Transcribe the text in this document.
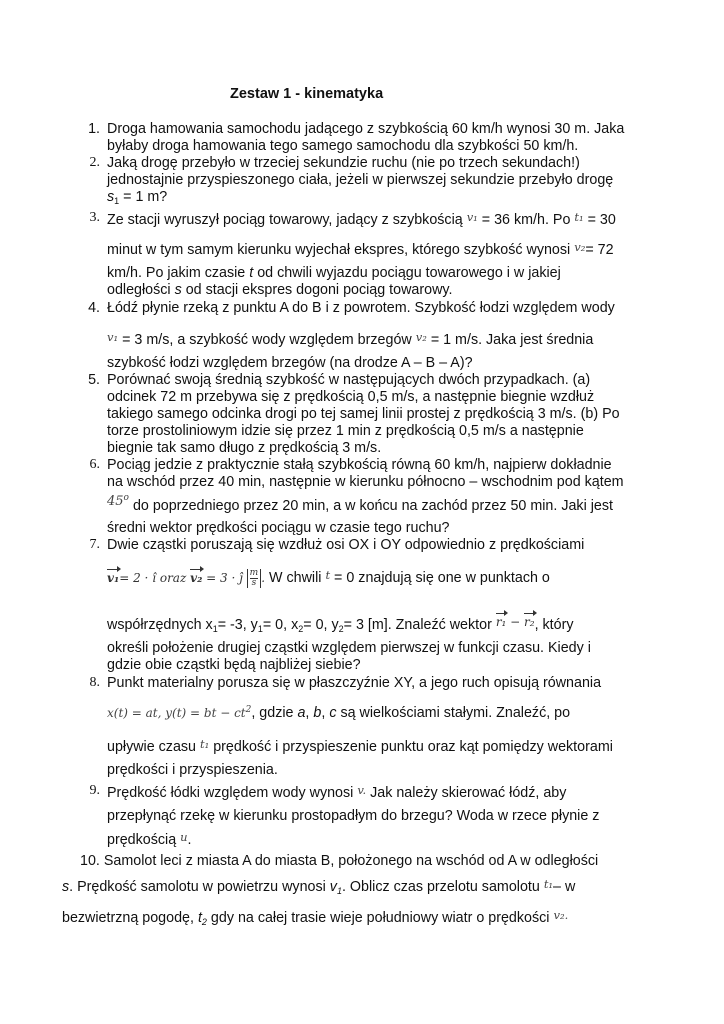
Zestaw 1 - kinematyka
1. Droga hamowania samochodu jadącego z szybkością 60 km/h wynosi 30 m. Jaka
byłaby droga hamowania tego samego samochodu dla szybkości 50 km/h.
2. Jaką drogę przebyło w trzeciej sekundzie ruchu (nie po trzech sekundach!)
jednostajnie przyspieszonego ciała, jeżeli w pierwszej sekundzie przebyło drogę
$s_1 = 1$ m?
3. Ze stacji wyruszył pociąg towarowy, jadący z szybkością $^{v_1}$ = 36 km/h. Po $^{t_1}$ = 30
minut w tym samym kierunku wyjechał ekspres, którego szybkość wynosi $^{v_2}$= 72
km/h. Po jakim czasie t od chwili wyjazdu pociągu towarowego i w jakiej
odległości s od stacji ekspres dogoni pociąg towarowy.
4. Łódź płynie rzeką z punktu A do B i z powrotem. Szybkość łodzi względem wody
$^{v_1}$ = 3 m/s, a szybkość wody względem brzegów $^{v_2}$ = 1 m/s. Jaka jest średnia
szybkość łodzi względem brzegów (na drodze A – B – A)?
5. Porównać swoją średnią szybkość w następujących dwóch przypadkach. (a)
odcinek 72 m przebywa się z prędkością 0,5 m/s, a następnie biegnie wzdłuż
takiego samego odcinka drogi po tej samej linii prostej z prędkością 3 m/s. (b) Po
torze prostoliniowym idzie się przez 1 min z prędkością 0,5 m/s a następnie
biegnie tak samo długo z prędkością 3 m/s.
6. Pociąg jedzie z praktycznie stałą szybkością równą 60 km/h, najpierw dokładnie
na wschód przez 40 min, następnie w kierunku północno – wschodnim pod kątem
45$^o$ do poprzedniego przez 20 min, a w końcu na zachód przez 50 min. Jaki jest
średni wektor prędkości pociągu w czasie tego ruchu?
7. Dwie cząstki poruszają się wzdłuż osi OX i OY odpowiednio z prędkościami
v₁= 2 · ı̂ oraz v₂ = 3 · ĵ $\frac{m}{s}$ . W chwili $^t$ = 0 znajdują się one w punktach o
współrzędnych $x_1= -3$, $y_1= 0$, $x_2= 0$, $y_2= 3$ [m]. Znaleźć wektor $^{r_1 - r_2}$, który
określi położenie drugiej cząstki względem pierwszej w funkcji czasu. Kiedy i
gdzie obie cząstki będą najbliżej siebie?
8. Punkt materialny porusza się w płaszczyźnie XY, a jego ruch opisują równania
x(t) = at, y(t) = bt − $ct^2$, gdzie a, b, c są wielkościami stałymi. Znaleźć, po
upływie czasu $^{t_1}$ prędkość i przyspieszenie punktu oraz kąt pomiędzy wektorami
prędkości i przyspieszenia.
9. Prędkość łódki względem wody wynosi $^{v.}$ Jak należy skierować łódź, aby
przepłynąć rzekę w kierunku prostopadłym do brzegu? Woda w rzece płynie z
prędkością $^u$.
10. Samolot leci z miasta A do miasta B, położonego na wschód od A w odległości
s. Prędkość samolotu w powietrzu wynosi $v_1$. Oblicz czas przelotu samolotu $^{t_1}$– w
bezwietrzną pogodę, $t_2$ gdy na całej trasie wieje południowy wiatr o prędkości $^{v_2.}$
